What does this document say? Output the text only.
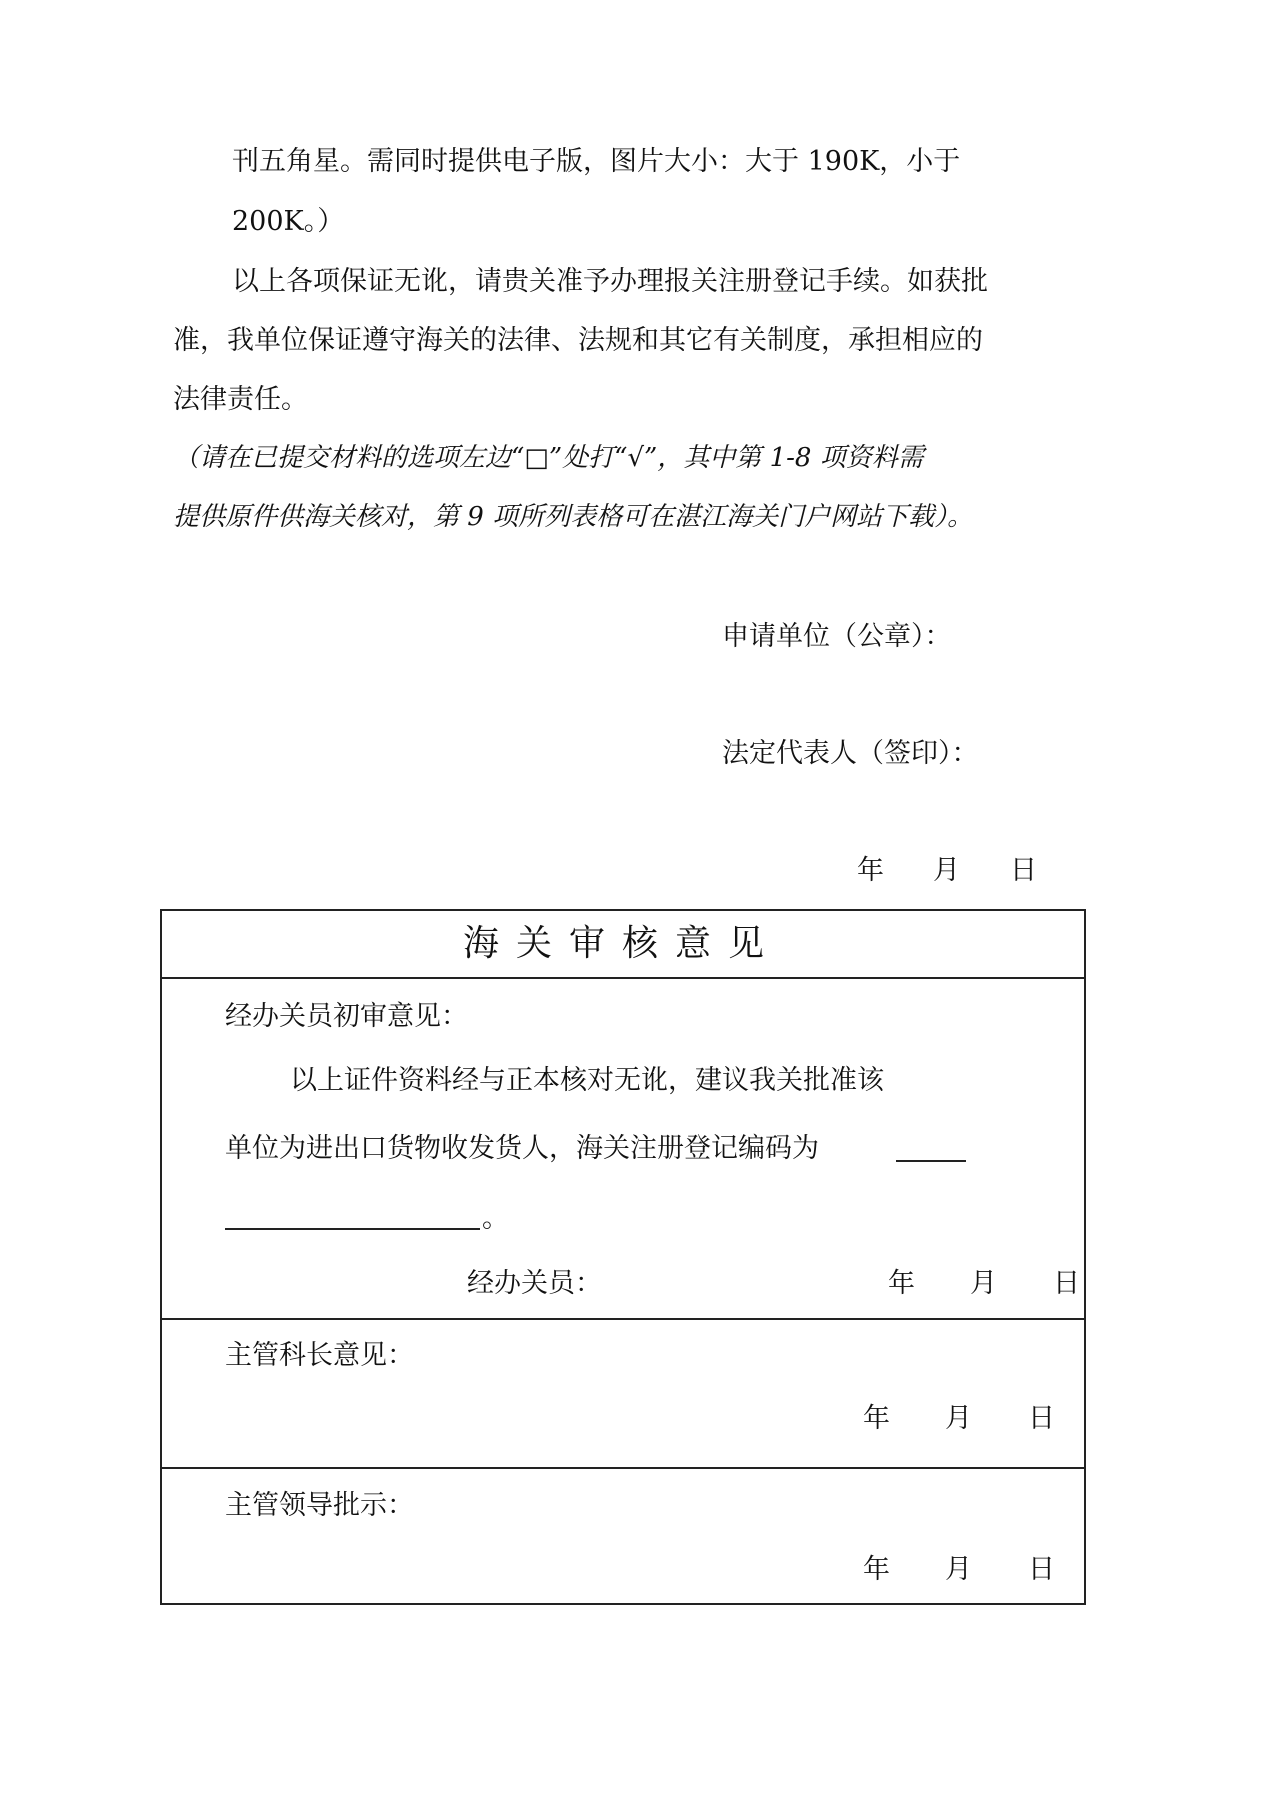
刊五角星。需同时提供电子版，图片大小：大于 190K，小于
200K。）
以上各项保证无讹，请贵关准予办理报关注册登记手续。如获批
准，我单位保证遵守海关的法律、法规和其它有关制度，承担相应的
法律责任。
（请在已提交材料的选项左边“□”处打“√”，其中第 1-8 项资料需
提供原件供海关核对，第 9 项所列表格可在湛江海关门户网站下载）。
申请单位（公章）：
法定代表人（签印）：
年 月 日
海关审核意见
经办关员初审意见：
以上证件资料经与正本核对无讹，建议我关批准该
单位为进出口货物收发货人，海关注册登记编码为
。
经办关员：	年 月 日
主管科长意见：
年 月 日
主管领导批示：
年 月 日
